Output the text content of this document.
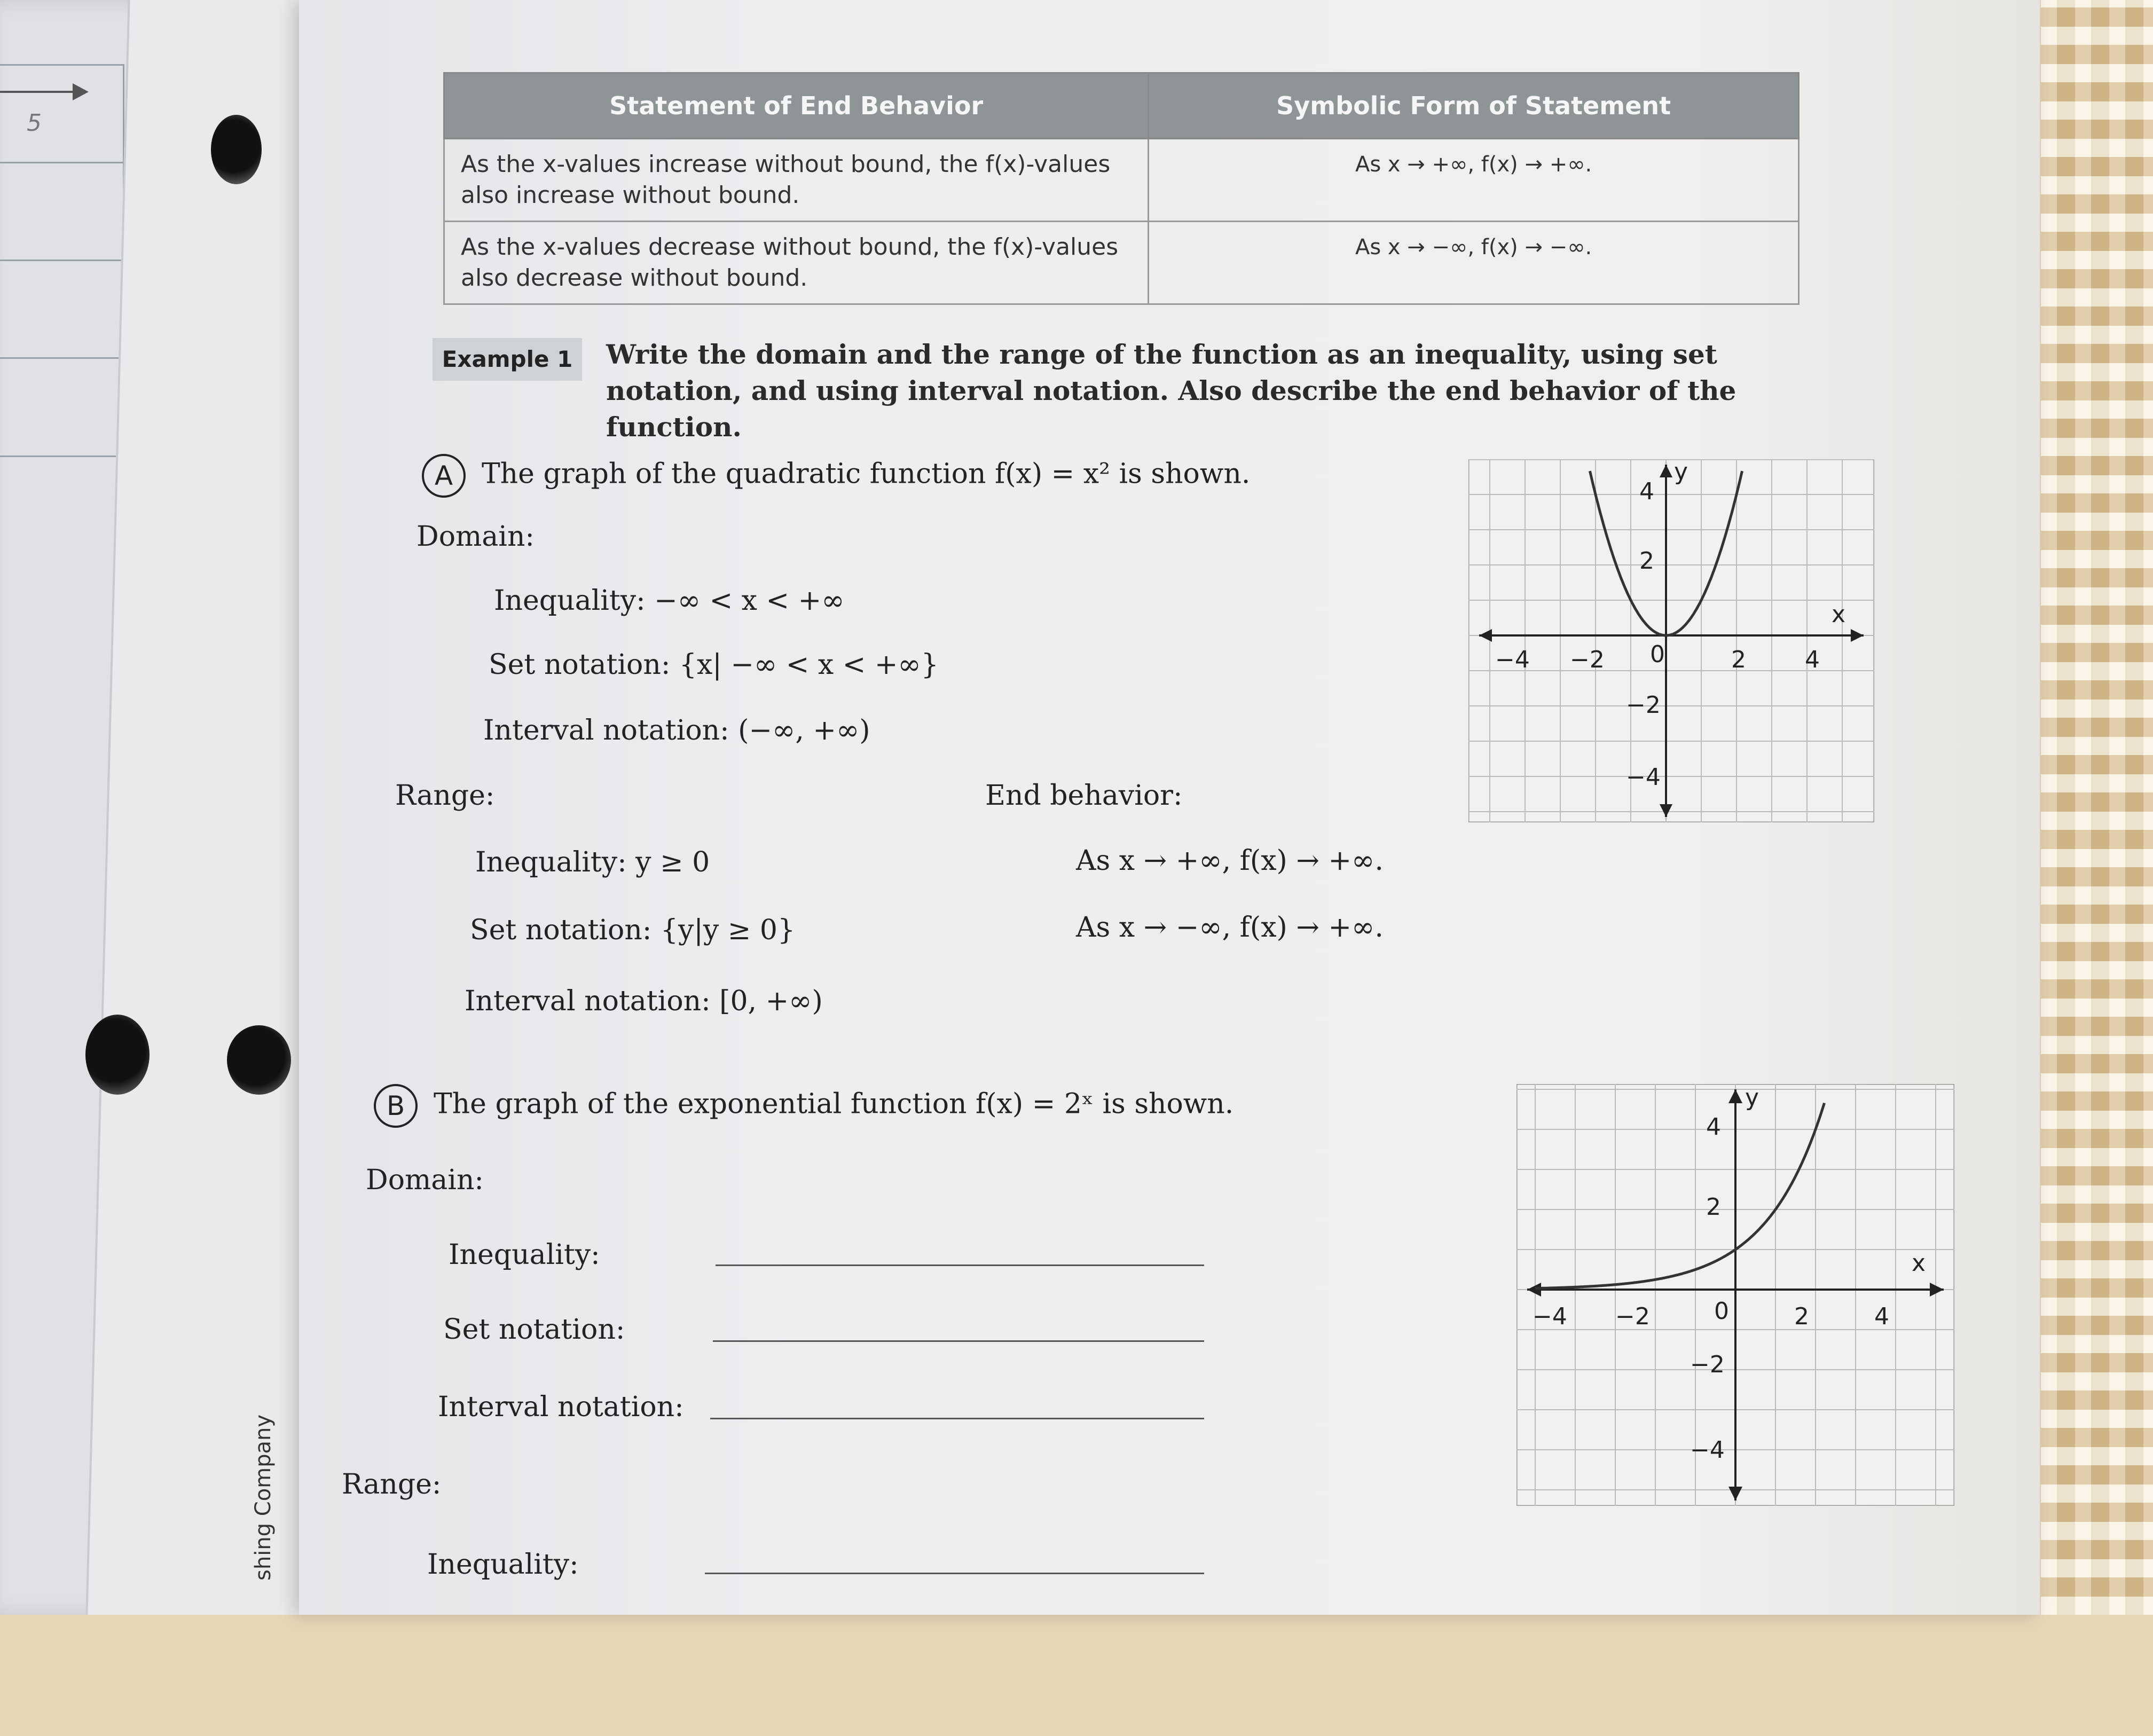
5
shing Company
Statement of End Behavior	Symbolic Form of Statement
As the x-values increase without bound, the f(x)-values also increase without bound.	As x → +∞, f(x) → +∞.
As the x-values decrease without bound, the f(x)-values also decrease without bound.	As x → −∞, f(x) → −∞.
Example 1	Write the domain and the range of the function as an inequality, using set notation, and using interval notation. Also describe the end behavior of the function.
A The graph of the quadratic function f(x) = x² is shown.
Domain:
Inequality: −∞ < x < +∞
Set notation: {x| −∞ < x < +∞}
Interval notation: (−∞, +∞)
Range:
Inequality: y ≥ 0
Set notation: {y|y ≥ 0}
Interval notation: [0, +∞)
End behavior:
As x → +∞, f(x) → +∞.
As x → −∞, f(x) → +∞.
x
y
−4 −2 0	2	4
4
2
−2
−4
B The graph of the exponential function f(x) = 2ˣ is shown.
Domain:
Inequality:
Set notation:
Interval notation:
Range:
Inequality:
x
y
−4 −2	0	2	4
4
2
−2
−4
